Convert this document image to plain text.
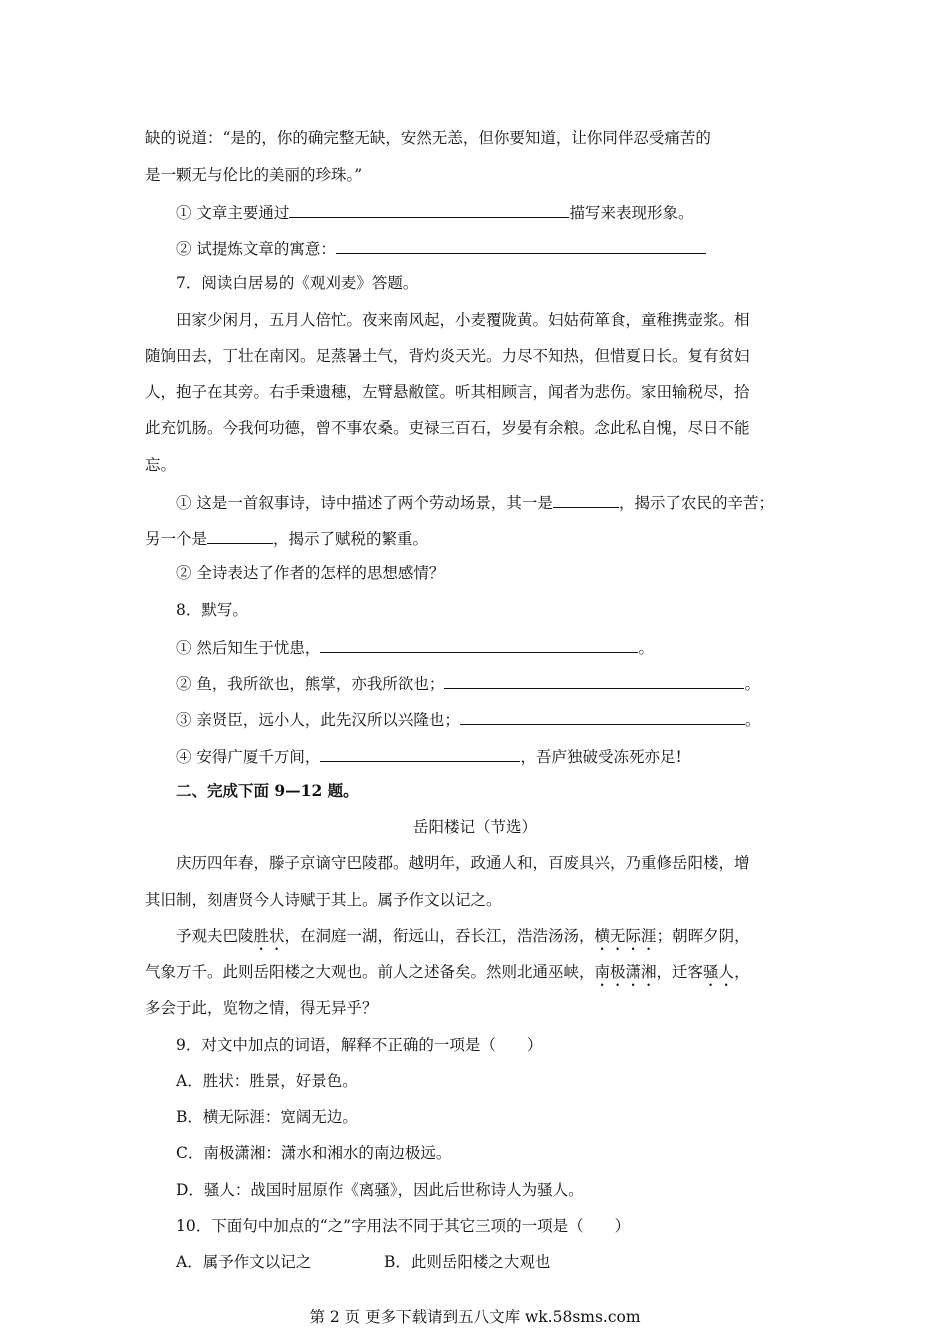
缺的说道：“是的，你的确完整无缺，安然无恙，但你要知道，让你同伴忍受痛苦的
是一颗无与伦比的美丽的珍珠。”
① 文章主要通过	描写来表现形象。
② 试提炼文章的寓意：
7．阅读白居易的《观刈麦》答题。
田家少闲月，五月人倍忙。夜来南风起，小麦覆陇黄。妇姑荷箪食，童稚携壶浆。相
随饷田去，丁壮在南冈。足蒸暑土气，背灼炎天光。力尽不知热，但惜夏日长。复有贫妇
人，抱子在其旁。右手秉遗穗，左臂悬敝筐。听其相顾言，闻者为悲伤。家田输税尽，拾
此充饥肠。今我何功德，曾不事农桑。吏禄三百石，岁晏有余粮。念此私自愧，尽日不能
忘。
① 这是一首叙事诗，诗中描述了两个劳动场景，其一是	，揭示了农民的辛苦；
另一个是	，揭示了赋税的繁重。
② 全诗表达了作者的怎样的思想感情？
8．默写。
① 然后知生于忧患，	。
② 鱼，我所欲也，熊掌，亦我所欲也；	。
③ 亲贤臣，远小人，此先汉所以兴隆也；	。
④ 安得广厦千万间，	，吾庐独破受冻死亦足!
二、完成下面 9—12 题。
岳阳楼记（节选）
庆历四年春，滕子京谪守巴陵郡。越明年，政通人和，百废具兴，乃重修岳阳楼，增
其旧制，刻唐贤今人诗赋于其上。属予作文以记之。
予观夫巴陵胜状，在洞庭一湖，衔远山，吞长江，浩浩汤汤，横无际涯；朝晖夕阴，
气象万千。此则岳阳楼之大观也。前人之述备矣。然则北通巫峡，南极潇湘，迁客骚人，
多会于此，览物之情，得无异乎？
9．对文中加点的词语，解释不正确的一项是（　　）
A．胜状：胜景，好景色。
B．横无际涯：宽阔无边。
C．南极潇湘：潇水和湘水的南边极远。
D．骚人：战国时屈原作《离骚》，因此后世称诗人为骚人。
10．下面句中加点的“之”字用法不同于其它三项的一项是（　　）
A．属予作文以记之	B．此则岳阳楼之大观也
第 2 页 更多下载请到五八文库 wk.58sms.com
